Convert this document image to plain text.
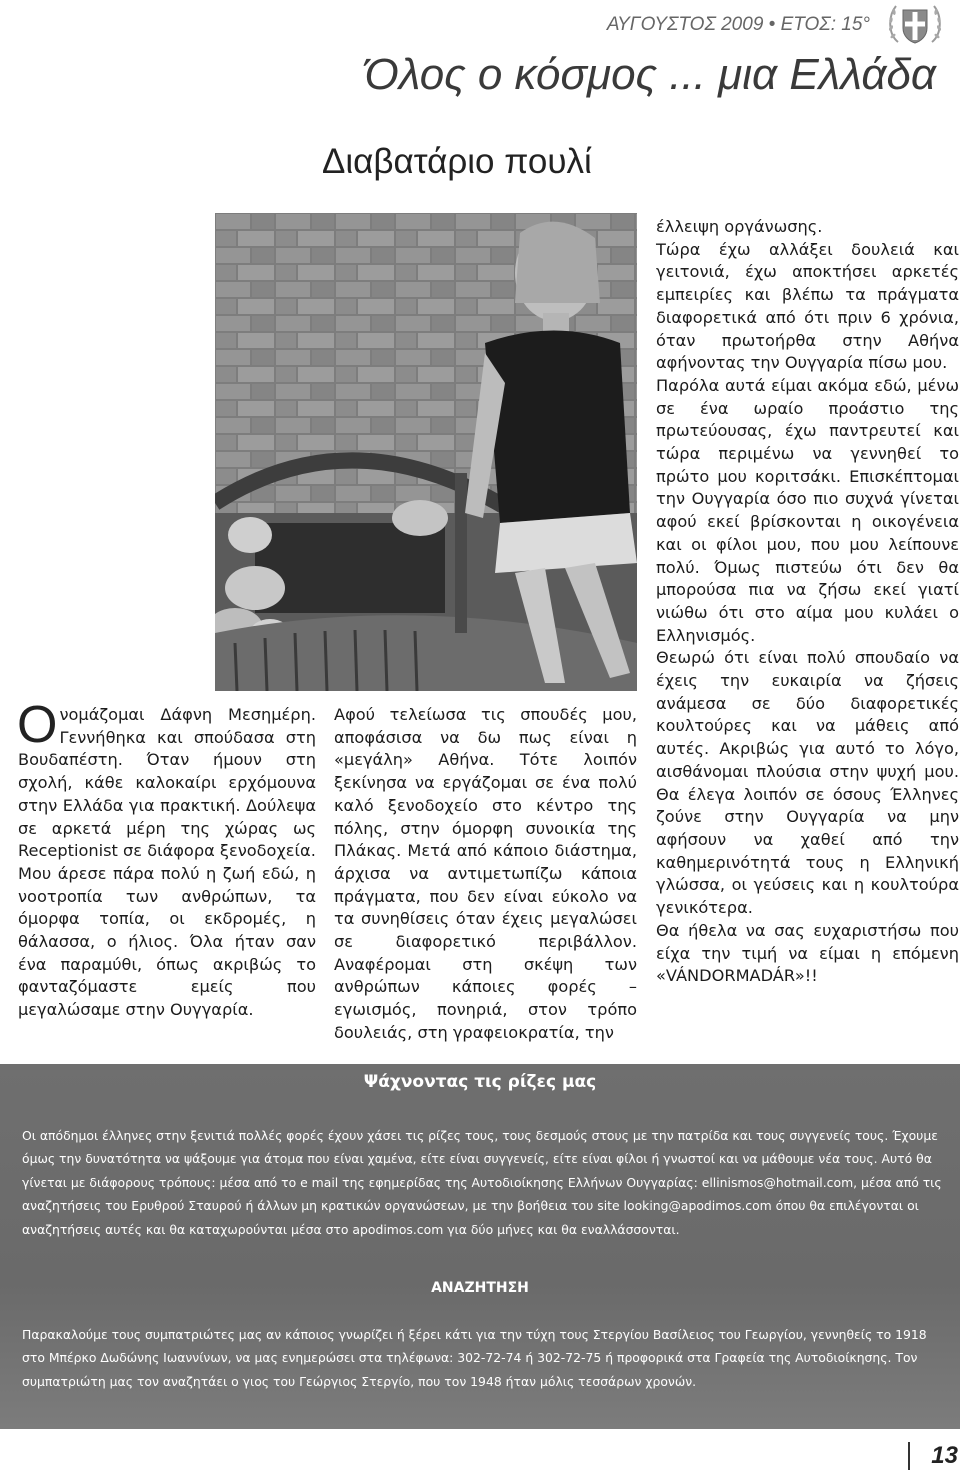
ΑΥΓΟΥΣΤΟΣ 2009 • ΕΤΟΣ: 15°
Όλος ο κόσμος ... μια Ελλάδα
Διαβατάριο πουλί

Ονομάζομαι Δάφνη Μεσημέρη. Γεννήθηκα και σπούδασα στη Βουδαπέστη. Όταν ήμουν στη σχολή, κάθε καλοκαίρι ερχόμουνα στην Ελλάδα για πρακτική. Δούλεψα σε αρκετά μέρη της χώρας ως Receptionist σε διάφορα ξενοδοχεία.

Μου άρεσε πάρα πολύ η ζωή εδώ, η νοοτροπία των ανθρώπων, τα όμορφα τοπία, οι εκδρομές, η θάλασσα, ο ήλιος. Όλα ήταν σαν ένα παραμύθι, όπως ακριβώς το φανταζόμαστε εμείς που μεγαλώσαμε στην Ουγγαρία.

Αφού τελείωσα τις σπουδές μου, αποφάσισα να δω πως είναι η «μεγάλη» Αθήνα. Τότε λοιπόν ξεκίνησα να εργάζομαι σε ένα πολύ καλό ξενοδοχείο στο κέντρο της πόλης, στην όμορφη συνοικία της Πλάκας. Μετά από κάποιο διάστημα, άρχισα να αντιμετωπίζω κάποια πράγματα, που δεν είναι εύκολο να τα συνηθίσεις όταν έχεις μεγαλώσει σε διαφορετικό περιβάλλον. Αναφέρομαι στη σκέψη των ανθρώπων κάποιες φορές – εγωισμός, πονηριά, στον τρόπο δουλειάς, στη γραφειοκρατία, την

έλλειψη οργάνωσης.

Τώρα έχω αλλάξει δουλειά και γειτονιά, έχω αποκτήσει αρκετές εμπειρίες και βλέπω τα πράγματα διαφορετικά από ότι πριν 6 χρόνια, όταν πρωτοήρθα στην Αθήνα αφήνοντας την Ουγγαρία πίσω μου.

Παρόλα αυτά είμαι ακόμα εδώ, μένω σε ένα ωραίο προάστιο της πρωτεύουσας, έχω παντρευτεί και τώρα περιμένω να γεννηθεί το πρώτο μου κοριτσάκι. Επισκέπτομαι την Ουγγαρία όσο πιο συχνά γίνεται αφού εκεί βρίσκονται η οικογένεια και οι φίλοι μου, που μου λείπουνε πολύ. Όμως πιστεύω ότι δεν θα μπορούσα πια να ζήσω εκεί γιατί νιώθω ότι στο αίμα μου κυλάει ο Ελληνισμός.

Θεωρώ ότι είναι πολύ σπουδαίο να έχεις την ευκαιρία να ζήσεις ανάμεσα σε δύο διαφορετικές κουλτούρες και να μάθεις από αυτές. Ακριβώς για αυτό το λόγο, αισθάνομαι πλούσια στην ψυχή μου. Θα έλεγα λοιπόν σε όσους Έλληνες ζούνε στην Ουγγαρία να μην αφήσουν να χαθεί από την καθημερινότητά τους η Ελληνική γλώσσα, οι γεύσεις και η κουλτούρα γενικότερα.

Θα ήθελα να σας ευχαριστήσω που είχα την τιμή να είμαι η επόμενη «VÁNDORMADÁR»!!

Ψάχνοντας τις ρίζες μας
Οι απόδημοι έλληνες στην ξενιτιά πολλές φορές έχουν χάσει τις ρίζες τους, τους δεσμούς στους με την πατρίδα και τους συγγενείς τους. Έχουμε όμως την δυνατότητα να ψάξουμε για άτομα που είναι χαμένα, είτε είναι συγγενείς, είτε είναι φίλοι ή γνωστοί και να μάθουμε νέα τους. Αυτό θα γίνεται με διάφορους τρόπους: μέσα από το e mail της εφημερίδας της Αυτοδιοίκησης Ελλήνων Ουγγαρίας: ellinismos@hotmail.com, μέσα από τις αναζητήσεις του Ερυθρού Σταυρού ή άλλων μη κρατικών οργανώσεων, με την βοήθεια του site looking@apodimos.com όπου θα επιλέγονται οι αναζητήσεις αυτές και θα καταχωρούνται μέσα στο apodimos.com για δύο μήνες και θα εναλλάσσονται.
ΑΝΑΖΗΤΗΣΗ
Παρακαλούμε τους συμπατριώτες μας αν κάποιος γνωρίζει ή ξέρει κάτι για την τύχη τους Στεργίου Βασίλειος του Γεωργίου, γεννηθείς το 1918 στο Μπέρκο Δωδώνης Ιωαννίνων, να μας ενημερώσει στα τηλέφωνα: 302-72-74 ή 302-72-75 ή προφορικά στα Γραφεία της Αυτοδιοίκησης. Τον συμπατριώτη μας τον αναζητάει ο γιος του Γεώργιος Στεργίο, που τον 1948 ήταν μόλις τεσσάρων χρονών.
13
